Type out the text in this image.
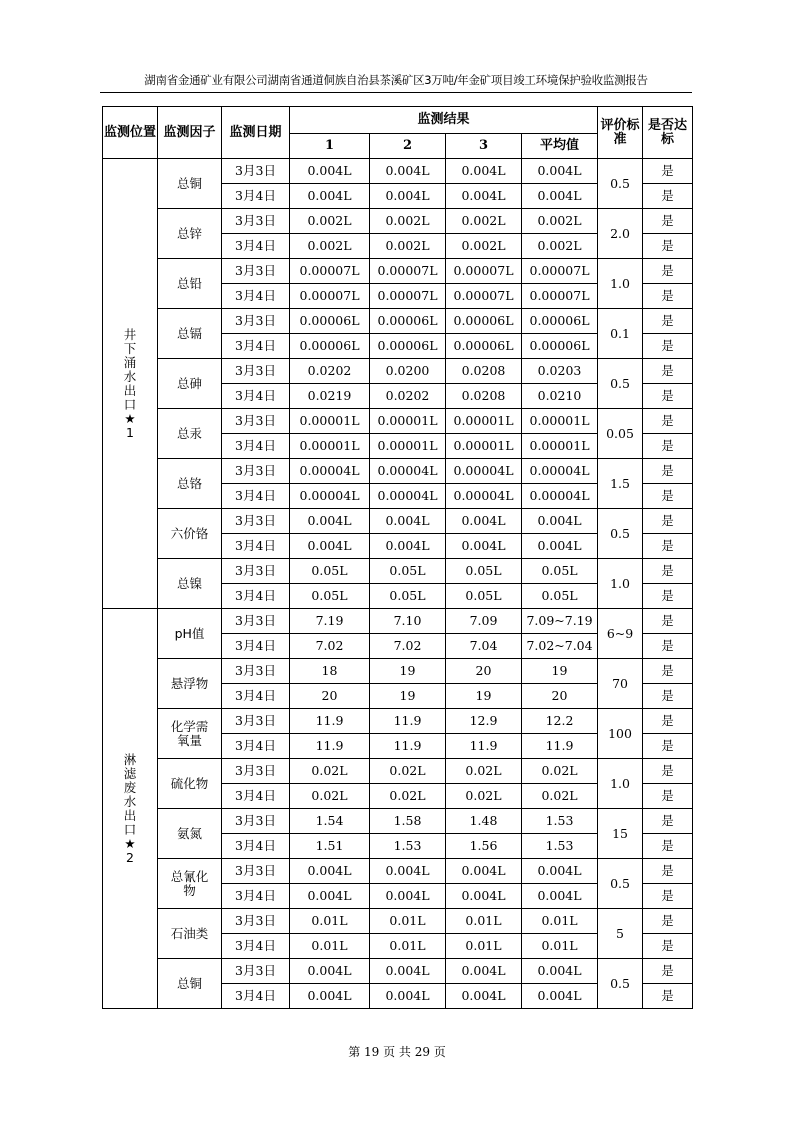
湖南省金通矿业有限公司湖南省通道侗族自治县茶溪矿区3万吨/年金矿项目竣工环境保护验收监测报告
监测位置	监测因子	监测日期	监测结果				评价标准	是否达标
			1	2	3	平均值		
井下涌水出口★1	总铜	3月3日	0.004L	0.004L	0.004L	0.004L	0.5	是
		3月4日	0.004L	0.004L	0.004L	0.004L		是
	总锌	3月3日	0.002L	0.002L	0.002L	0.002L	2.0	是
		3月4日	0.002L	0.002L	0.002L	0.002L		是
	总铅	3月3日	0.00007L	0.00007L	0.00007L	0.00007L	1.0	是
		3月4日	0.00007L	0.00007L	0.00007L	0.00007L		是
	总镉	3月3日	0.00006L	0.00006L	0.00006L	0.00006L	0.1	是
		3月4日	0.00006L	0.00006L	0.00006L	0.00006L		是
	总砷	3月3日	0.0202	0.0200	0.0208	0.0203	0.5	是
		3月4日	0.0219	0.0202	0.0208	0.0210		是
	总汞	3月3日	0.00001L	0.00001L	0.00001L	0.00001L	0.05	是
		3月4日	0.00001L	0.00001L	0.00001L	0.00001L		是
	总铬	3月3日	0.00004L	0.00004L	0.00004L	0.00004L	1.5	是
		3月4日	0.00004L	0.00004L	0.00004L	0.00004L		是
	六价铬	3月3日	0.004L	0.004L	0.004L	0.004L	0.5	是
		3月4日	0.004L	0.004L	0.004L	0.004L		是
	总镍	3月3日	0.05L	0.05L	0.05L	0.05L	1.0	是
		3月4日	0.05L	0.05L	0.05L	0.05L		是
淋滤废水出口★2	pH值	3月3日	7.19	7.10	7.09	7.09~7.19	6~9	是
		3月4日	7.02	7.02	7.04	7.02~7.04		是
	悬浮物	3月3日	18	19	20	19	70	是
		3月4日	20	19	19	20		是
	化学需氧量	3月3日	11.9	11.9	12.9	12.2	100	是
		3月4日	11.9	11.9	11.9	11.9		是
	硫化物	3月3日	0.02L	0.02L	0.02L	0.02L	1.0	是
		3月4日	0.02L	0.02L	0.02L	0.02L		是
	氨氮	3月3日	1.54	1.58	1.48	1.53	15	是
		3月4日	1.51	1.53	1.56	1.53		是
	总氰化物	3月3日	0.004L	0.004L	0.004L	0.004L	0.5	是
		3月4日	0.004L	0.004L	0.004L	0.004L		是
	石油类	3月3日	0.01L	0.01L	0.01L	0.01L	5	是
		3月4日	0.01L	0.01L	0.01L	0.01L		是
	总铜	3月3日	0.004L	0.004L	0.004L	0.004L	0.5	是
		3月4日	0.004L	0.004L	0.004L	0.004L		是
第 19 页 共 29 页
